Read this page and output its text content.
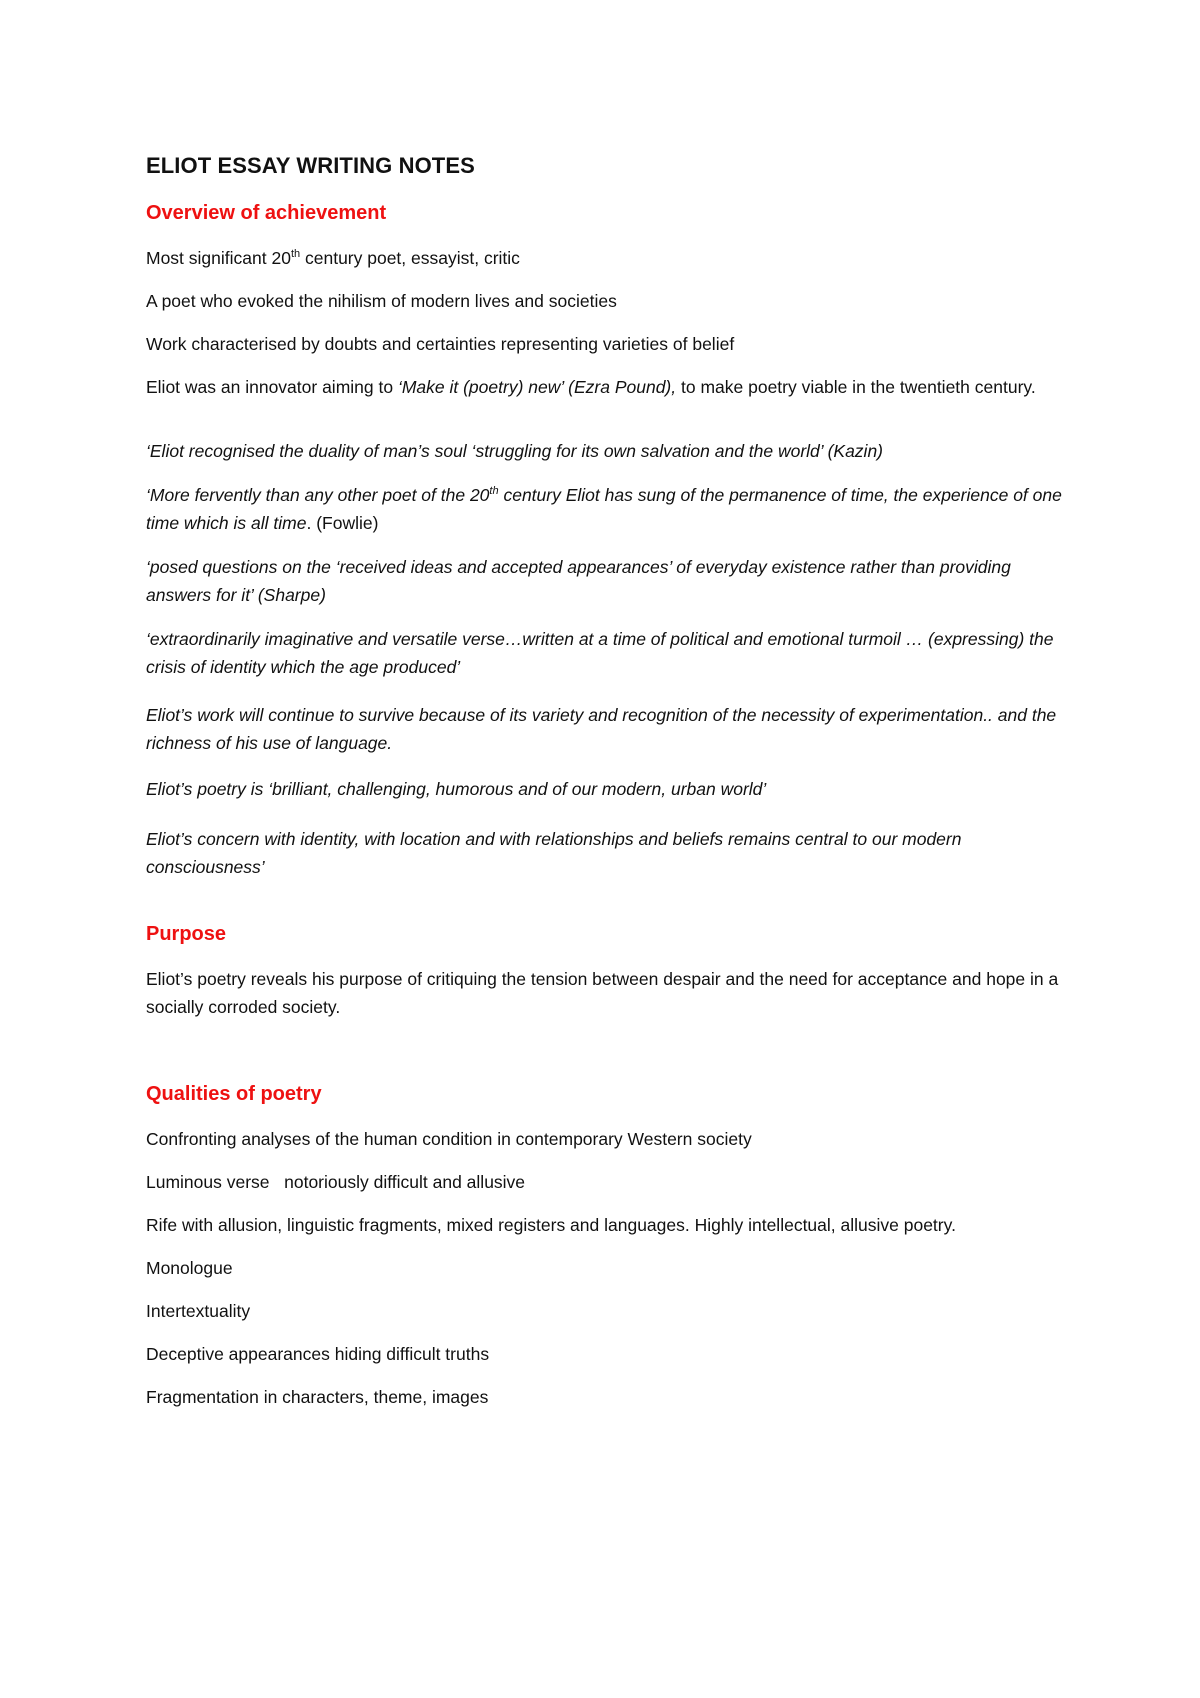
ELIOT ESSAY WRITING NOTES
Overview of achievement

Most significant 20th century poet, essayist, critic

A poet who evoked the nihilism of modern lives and societies

Work characterised by doubts and certainties representing varieties of belief

Eliot was an innovator aiming to ‘Make it (poetry) new’ (Ezra Pound), to make poetry viable in the twentieth century.

‘Eliot recognised the duality of man’s soul ‘struggling for its own salvation and the world’ (Kazin)

‘More fervently than any other poet of the 20th century Eliot has sung of the permanence of time, the experience of one time which is all time. (Fowlie)

‘posed questions on the ‘received ideas and accepted appearances’ of everyday existence rather than providing answers for it’ (Sharpe)

‘extraordinarily imaginative and versatile verse…written at a time of political and emotional turmoil … (expressing) the crisis of identity which the age produced’

Eliot’s work will continue to survive because of its variety and recognition of the necessity of experimentation.. and the richness of his use of language.

Eliot’s poetry is ‘brilliant, challenging, humorous and of our modern, urban world’

Eliot’s concern with identity, with location and with relationships and beliefs remains central to our modern consciousness’

Purpose

Eliot’s poetry reveals his purpose of critiquing the tension between despair and the need for acceptance and hope in a socially corroded society.

Qualities of poetry

Confronting analyses of the human condition in contemporary Western society

Luminous verse   notoriously difficult and allusive

Rife with allusion, linguistic fragments, mixed registers and languages. Highly intellectual, allusive poetry.

Monologue

Intertextuality

Deceptive appearances hiding difficult truths

Fragmentation in characters, theme, images
